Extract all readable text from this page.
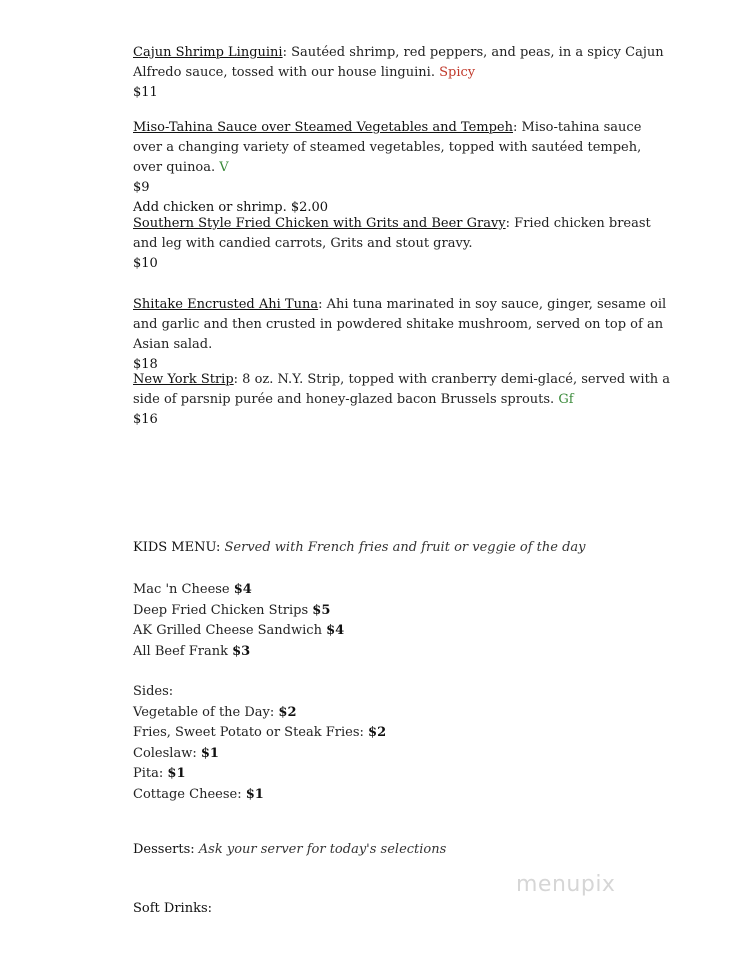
Cajun Shrimp Linguini: Sautéed shrimp, red peppers, and peas, in a spicy Cajun Alfredo sauce, tossed with our house linguini. Spicy
$11
Miso-Tahina Sauce over Steamed Vegetables and Tempeh: Miso-tahina sauce over a changing variety of steamed vegetables, topped with sautéed tempeh, over quinoa. V
$9
Add chicken or shrimp. $2.00
Southern Style Fried Chicken with Grits and Beer Gravy: Fried chicken breast and leg with candied carrots, Grits and stout gravy.
$10
Shitake Encrusted Ahi Tuna: Ahi tuna marinated in soy sauce, ginger, sesame oil and garlic and then crusted in powdered shitake mushroom, served on top of an Asian salad.
$18
New York Strip: 8 oz. N.Y. Strip, topped with cranberry demi-glacé, served with a side of parsnip purée and honey-glazed bacon Brussels sprouts. Gf
$16
KIDS MENU: Served with French fries and fruit or veggie of the day
Mac 'n Cheese $4
Deep Fried Chicken Strips $5
AK Grilled Cheese Sandwich $4
All Beef Frank $3
Sides:
Vegetable of the Day: $2
Fries, Sweet Potato or Steak Fries: $2
Coleslaw: $1
Pita: $1
Cottage Cheese: $1
Desserts: Ask your server for today's selections
Soft Drinks:
menupix
